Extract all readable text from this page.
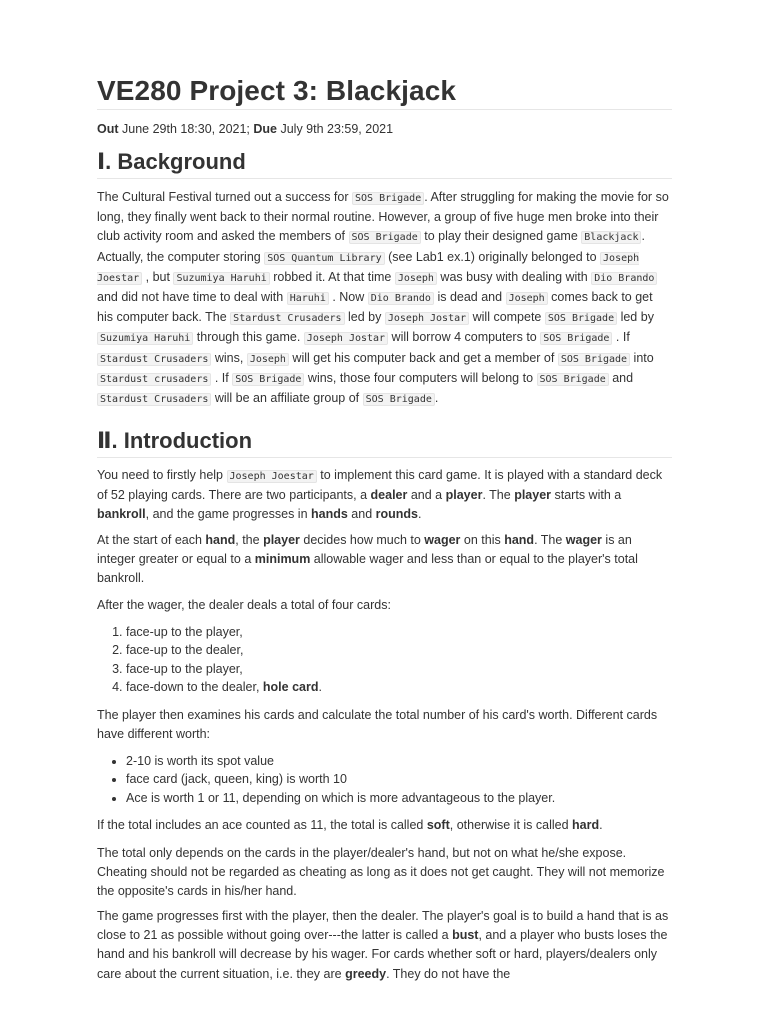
VE280 Project 3: Blackjack
Out June 29th 18:30, 2021; Due July 9th 23:59, 2021
Ⅰ. Background

The Cultural Festival turned out a success for SOS Brigade . After struggling for making the movie for so long, they finally went back to their normal routine. However, a group of five huge men broke into their club activity room and asked the members of SOS Brigade to play their designed game Blackjack . Actually, the computer storing SOS Quantum Library (see Lab1 ex.1) originally belonged to Joseph Joestar , but Suzumiya Haruhi robbed it. At that time Joseph was busy with dealing with Dio Brando and did not have time to deal with Haruhi . Now Dio Brando is dead and Joseph comes back to get his computer back. The Stardust Crusaders led by Joseph Jostar will compete SOS Brigade led by Suzumiya Haruhi through this game. Joseph Jostar will borrow 4 computers to SOS Brigade . If Stardust Crusaders wins, Joseph will get his computer back and get a member of SOS Brigade into Stardust crusaders . If SOS Brigade wins, those four computers will belong to SOS Brigade and Stardust Crusaders will be an affiliate group of SOS Brigade .

Ⅱ. Introduction

You need to firstly help Joseph Joestar to implement this card game. It is played with a standard deck of 52 playing cards. There are two participants, a dealer and a player. The player starts with a bankroll, and the game progresses in hands and rounds.

At the start of each hand, the player decides how much to wager on this hand. The wager is an integer greater or equal to a minimum allowable wager and less than or equal to the player's total bankroll.

After the wager, the dealer deals a total of four cards:

1. face-up to the player,
2. face-up to the dealer,
3. face-up to the player,
4. face-down to the dealer, hole card.

The player then examines his cards and calculate the total number of his card's worth. Different cards have different worth:

• 2-10 is worth its spot value
• face card (jack, queen, king) is worth 10
• Ace is worth 1 or 11, depending on which is more advantageous to the player.

If the total includes an ace counted as 11, the total is called soft, otherwise it is called hard.

The total only depends on the cards in the player/dealer's hand, but not on what he/she expose. Cheating should not be regarded as cheating as long as it does not get caught. They will not memorize the opposite's cards in his/her hand.

The game progresses first with the player, then the dealer. The player's goal is to build a hand that is as close to 21 as possible without going over---the latter is called a bust, and a player who busts loses the hand and his bankroll will decrease by his wager. For cards whether soft or hard, players/dealers only care about the current situation, i.e. they are greedy. They do not have the
